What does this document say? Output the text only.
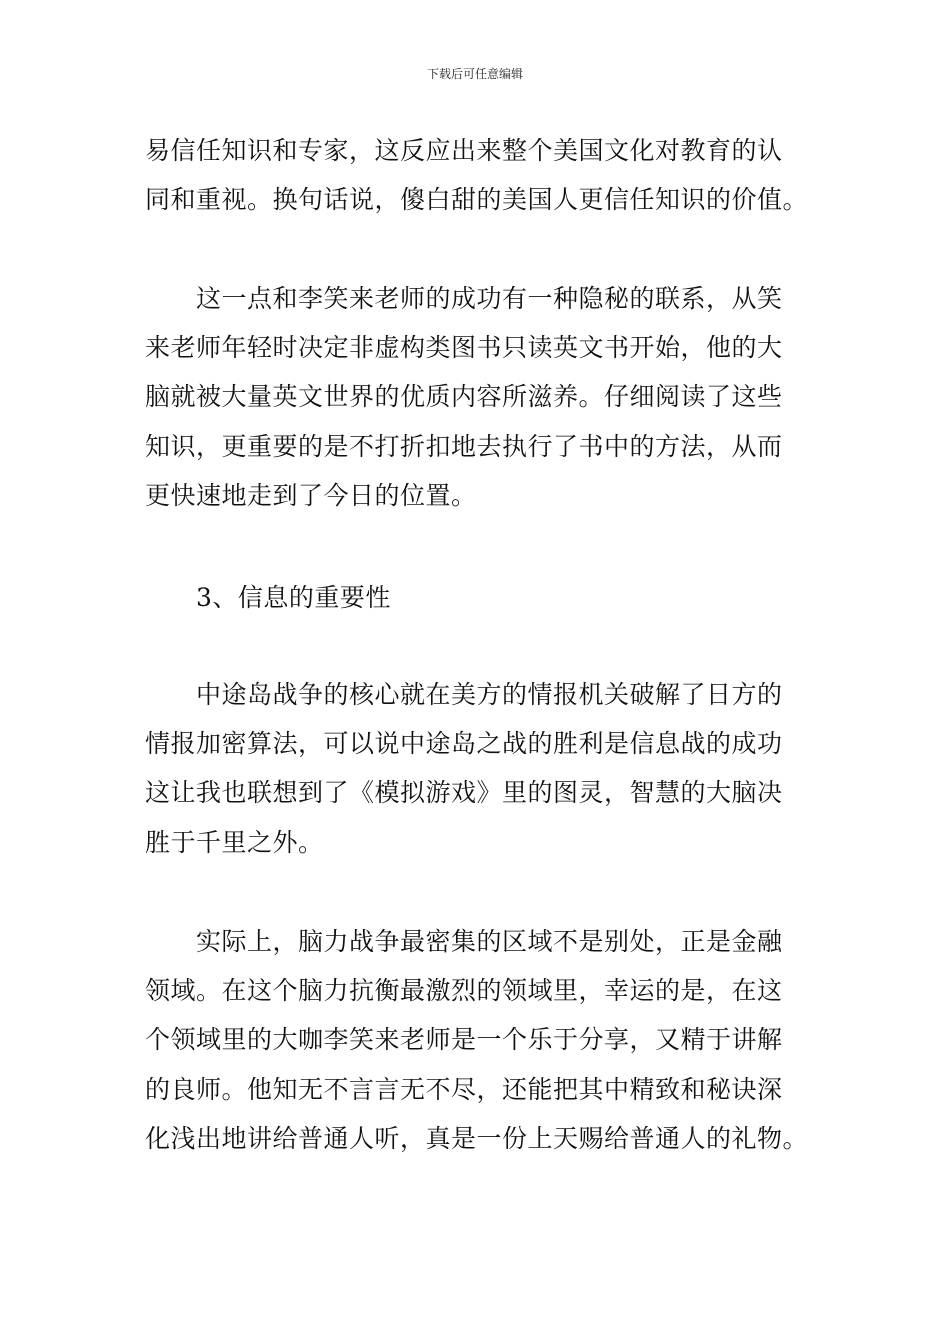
下载后可任意编辑
易信任知识和专家，这反应出来整个美国文化对教育的认
同和重视。换句话说，傻白甜的美国人更信任知识的价值。
　　这一点和李笑来老师的成功有一种隐秘的联系，从笑
来老师年轻时决定非虚构类图书只读英文书开始，他的大
脑就被大量英文世界的优质内容所滋养。仔细阅读了这些
知识，更重要的是不打折扣地去执行了书中的方法，从而
更快速地走到了今日的位置。
　　3、信息的重要性
　　中途岛战争的核心就在美方的情报机关破解了日方的
情报加密算法，可以说中途岛之战的胜利是信息战的成功
这让我也联想到了《模拟游戏》里的图灵，智慧的大脑决
胜于千里之外。
　　实际上，脑力战争最密集的区域不是别处，正是金融
领域。在这个脑力抗衡最激烈的领域里，幸运的是，在这
个领域里的大咖李笑来老师是一个乐于分享，又精于讲解
的良师。他知无不言言无不尽，还能把其中精致和秘诀深
化浅出地讲给普通人听，真是一份上天赐给普通人的礼物。
